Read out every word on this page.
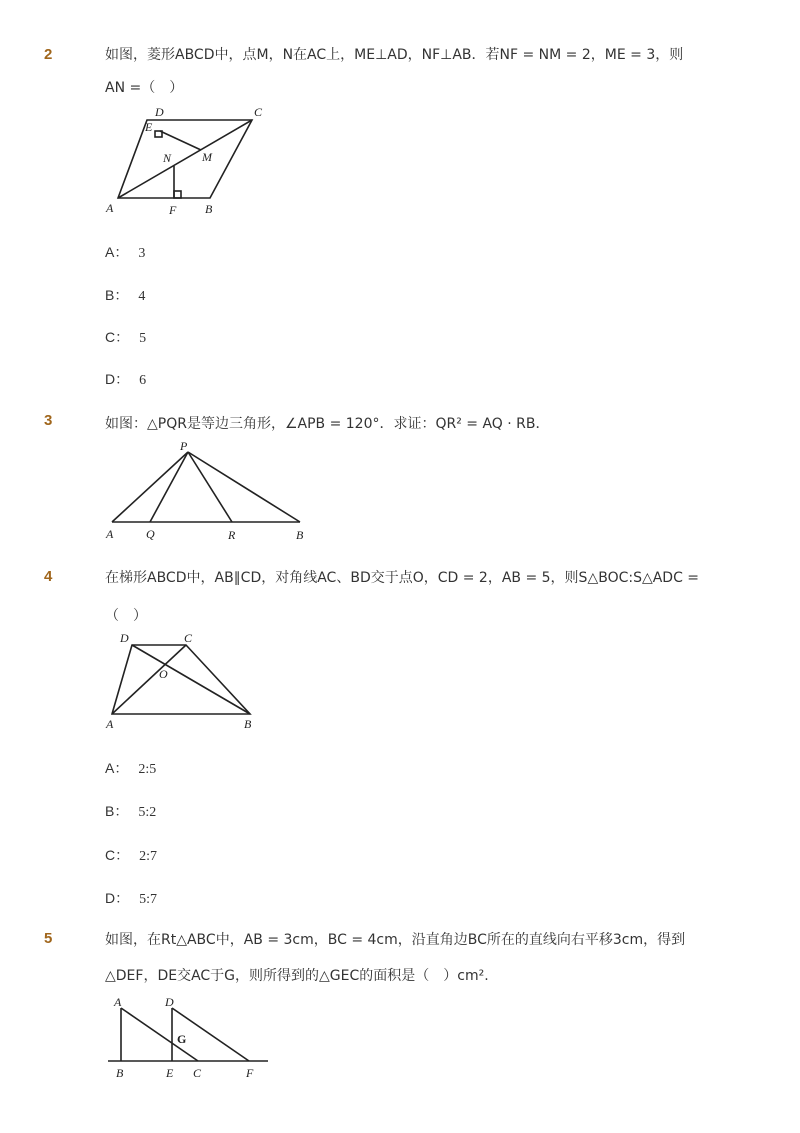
2	如图，菱形ABCD中，点M，N在AC上，ME⊥AD，NF⊥AB．若NF = NM = 2，ME = 3，则
AN =（　）
D	C
E
N	M
A	F B
A： 3
B： 4
C： 5
D： 6
3	如图：△PQR是等边三角形，∠APB = 120°．求证：QR² = AQ · RB．
P
A	Q	R	B
4	在梯形ABCD中，AB∥CD，对角线AC、BD交于点O，CD = 2，AB = 5，则S△BOC:S△ADC =
（　）
D	C
O
A	B
A： 2:5
B： 5:2
C： 2:7
D： 5:7
5	如图，在Rt△ABC中，AB = 3cm，BC = 4cm，沿直角边BC所在的直线向右平移3cm，得到
△DEF，DE交AC于G，则所得到的△GEC的面积是（　）cm².
A	D
G
B	E C	F
